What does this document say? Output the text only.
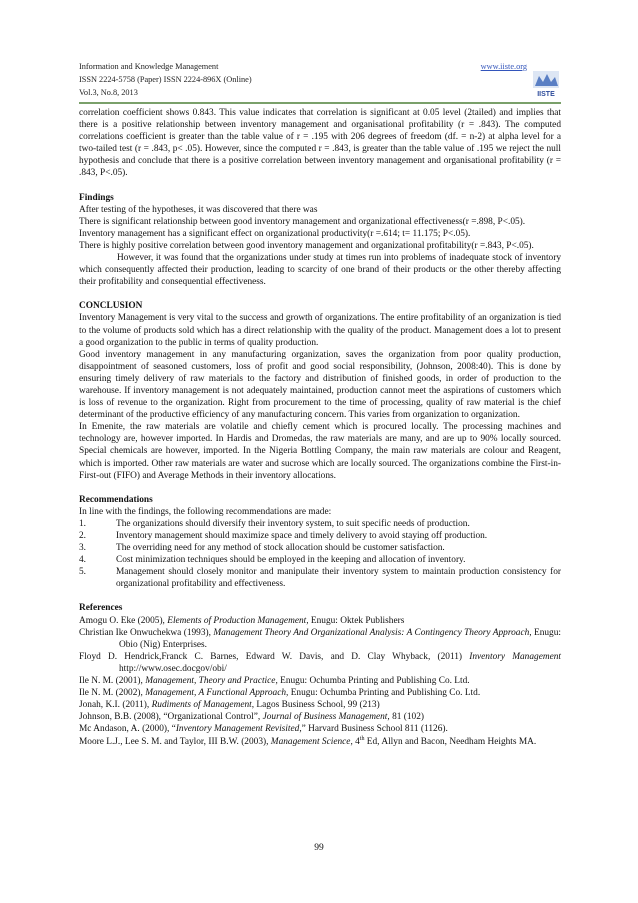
Information and Knowledge Management
ISSN 2224-5758 (Paper) ISSN 2224-896X (Online)
Vol.3, No.8, 2013
www.iiste.org
IISTE

correlation coefficient shows 0.843. This value indicates that correlation is significant at 0.05 level (2tailed) and implies that there is a positive relationship between inventory management and organisational profitability (r = .843). The computed correlations coefficient is greater than the table value of r = .195 with 206 degrees of freedom (df. = n-2) at alpha level for a two-tailed test (r = .843, p< .05). However, since the computed r = .843, is greater than the table value of .195 we reject the null hypothesis and conclude that there is a positive correlation between inventory management and organisational profitability (r = .843, P<.05).

Findings

After testing of the hypotheses, it was discovered that there was

There is significant relationship between good inventory management and organizational effectiveness(r =.898, P<.05).

Inventory management has a significant effect on organizational productivity(r =.614; t= 11.175; P<.05).

There is highly positive correlation between good inventory management and organizational profitability(r =.843, P<.05).

However, it was found that the organizations under study at times run into problems of inadequate stock of inventory which consequently affected their production, leading to scarcity of one brand of their products or the other thereby affecting their profitability and consequential effectiveness.

CONCLUSION

Inventory Management is very vital to the success and growth of organizations. The entire profitability of an organization is tied to the volume of products sold which has a direct relationship with the quality of the product. Management does a lot to present a good organization to the public in terms of quality production.

Good inventory management in any manufacturing organization, saves the organization from poor quality production, disappointment of seasoned customers, loss of profit and good social responsibility, (Johnson, 2008:40). This is done by ensuring timely delivery of raw materials to the factory and distribution of finished goods, in order of production to the warehouse. If inventory management is not adequately maintained, production cannot meet the aspirations of customers which is loss of revenue to the organization. Right from procurement to the time of processing, quality of raw material is the chief determinant of the productive efficiency of any manufacturing concern. This varies from organization to organization.

In Emenite, the raw materials are volatile and chiefly cement which is procured locally. The processing machines and technology are, however imported. In Hardis and Dromedas, the raw materials are many, and are up to 90% locally sourced. Special chemicals are however, imported. In the Nigeria Bottling Company, the main raw materials are colour and Reagent, which is imported. Other raw materials are water and sucrose which are locally sourced. The organizations combine the First-in-First-out (FIFO) and Average Methods in their inventory allocations.

Recommendations

In line with the findings, the following recommendations are made:

1.	The organizations should diversify their inventory system, to suit specific needs of production.
2.	Inventory management should maximize space and timely delivery to avoid staying off production.
3.	The overriding need for any method of stock allocation should be customer satisfaction.
4.	Cost minimization techniques should be employed in the keeping and allocation of inventory.
5.	Management should closely monitor and manipulate their inventory system to maintain production consistency for organizational profitability and effectiveness.

References

Amogu O. Eke (2005), Elements of Production Management, Enugu: Oktek Publishers

Christian Ike Onwuchekwa (1993), Management Theory And Organizational Analysis: A Contingency Theory Approach, Enugu: Obio (Nig) Enterprises.

Floyd D. Hendrick,Franck C. Barnes, Edward W. Davis, and D. Clay Whyback, (2011) Inventory Management http://www.osec.docgov/obi/

Ile N. M. (2001), Management, Theory and Practice, Enugu: Ochumba Printing and Publishing Co. Ltd.

Ile N. M. (2002), Management, A Functional Approach, Enugu: Ochumba Printing and Publishing Co. Ltd.

Jonah, K.I. (2011), Rudiments of Management, Lagos Business School, 99 (213)

Johnson, B.B. (2008), “Organizational Control”, Journal of Business Management, 81 (102)

Mc Andason, A. (2000), “Inventory Management Revisited,” Harvard Business School 811 (1126).

Moore L.J., Lee S. M. and Taylor, III B.W. (2003), Management Science, 4th Ed, Allyn and Bacon, Needham Heights MA.

99
